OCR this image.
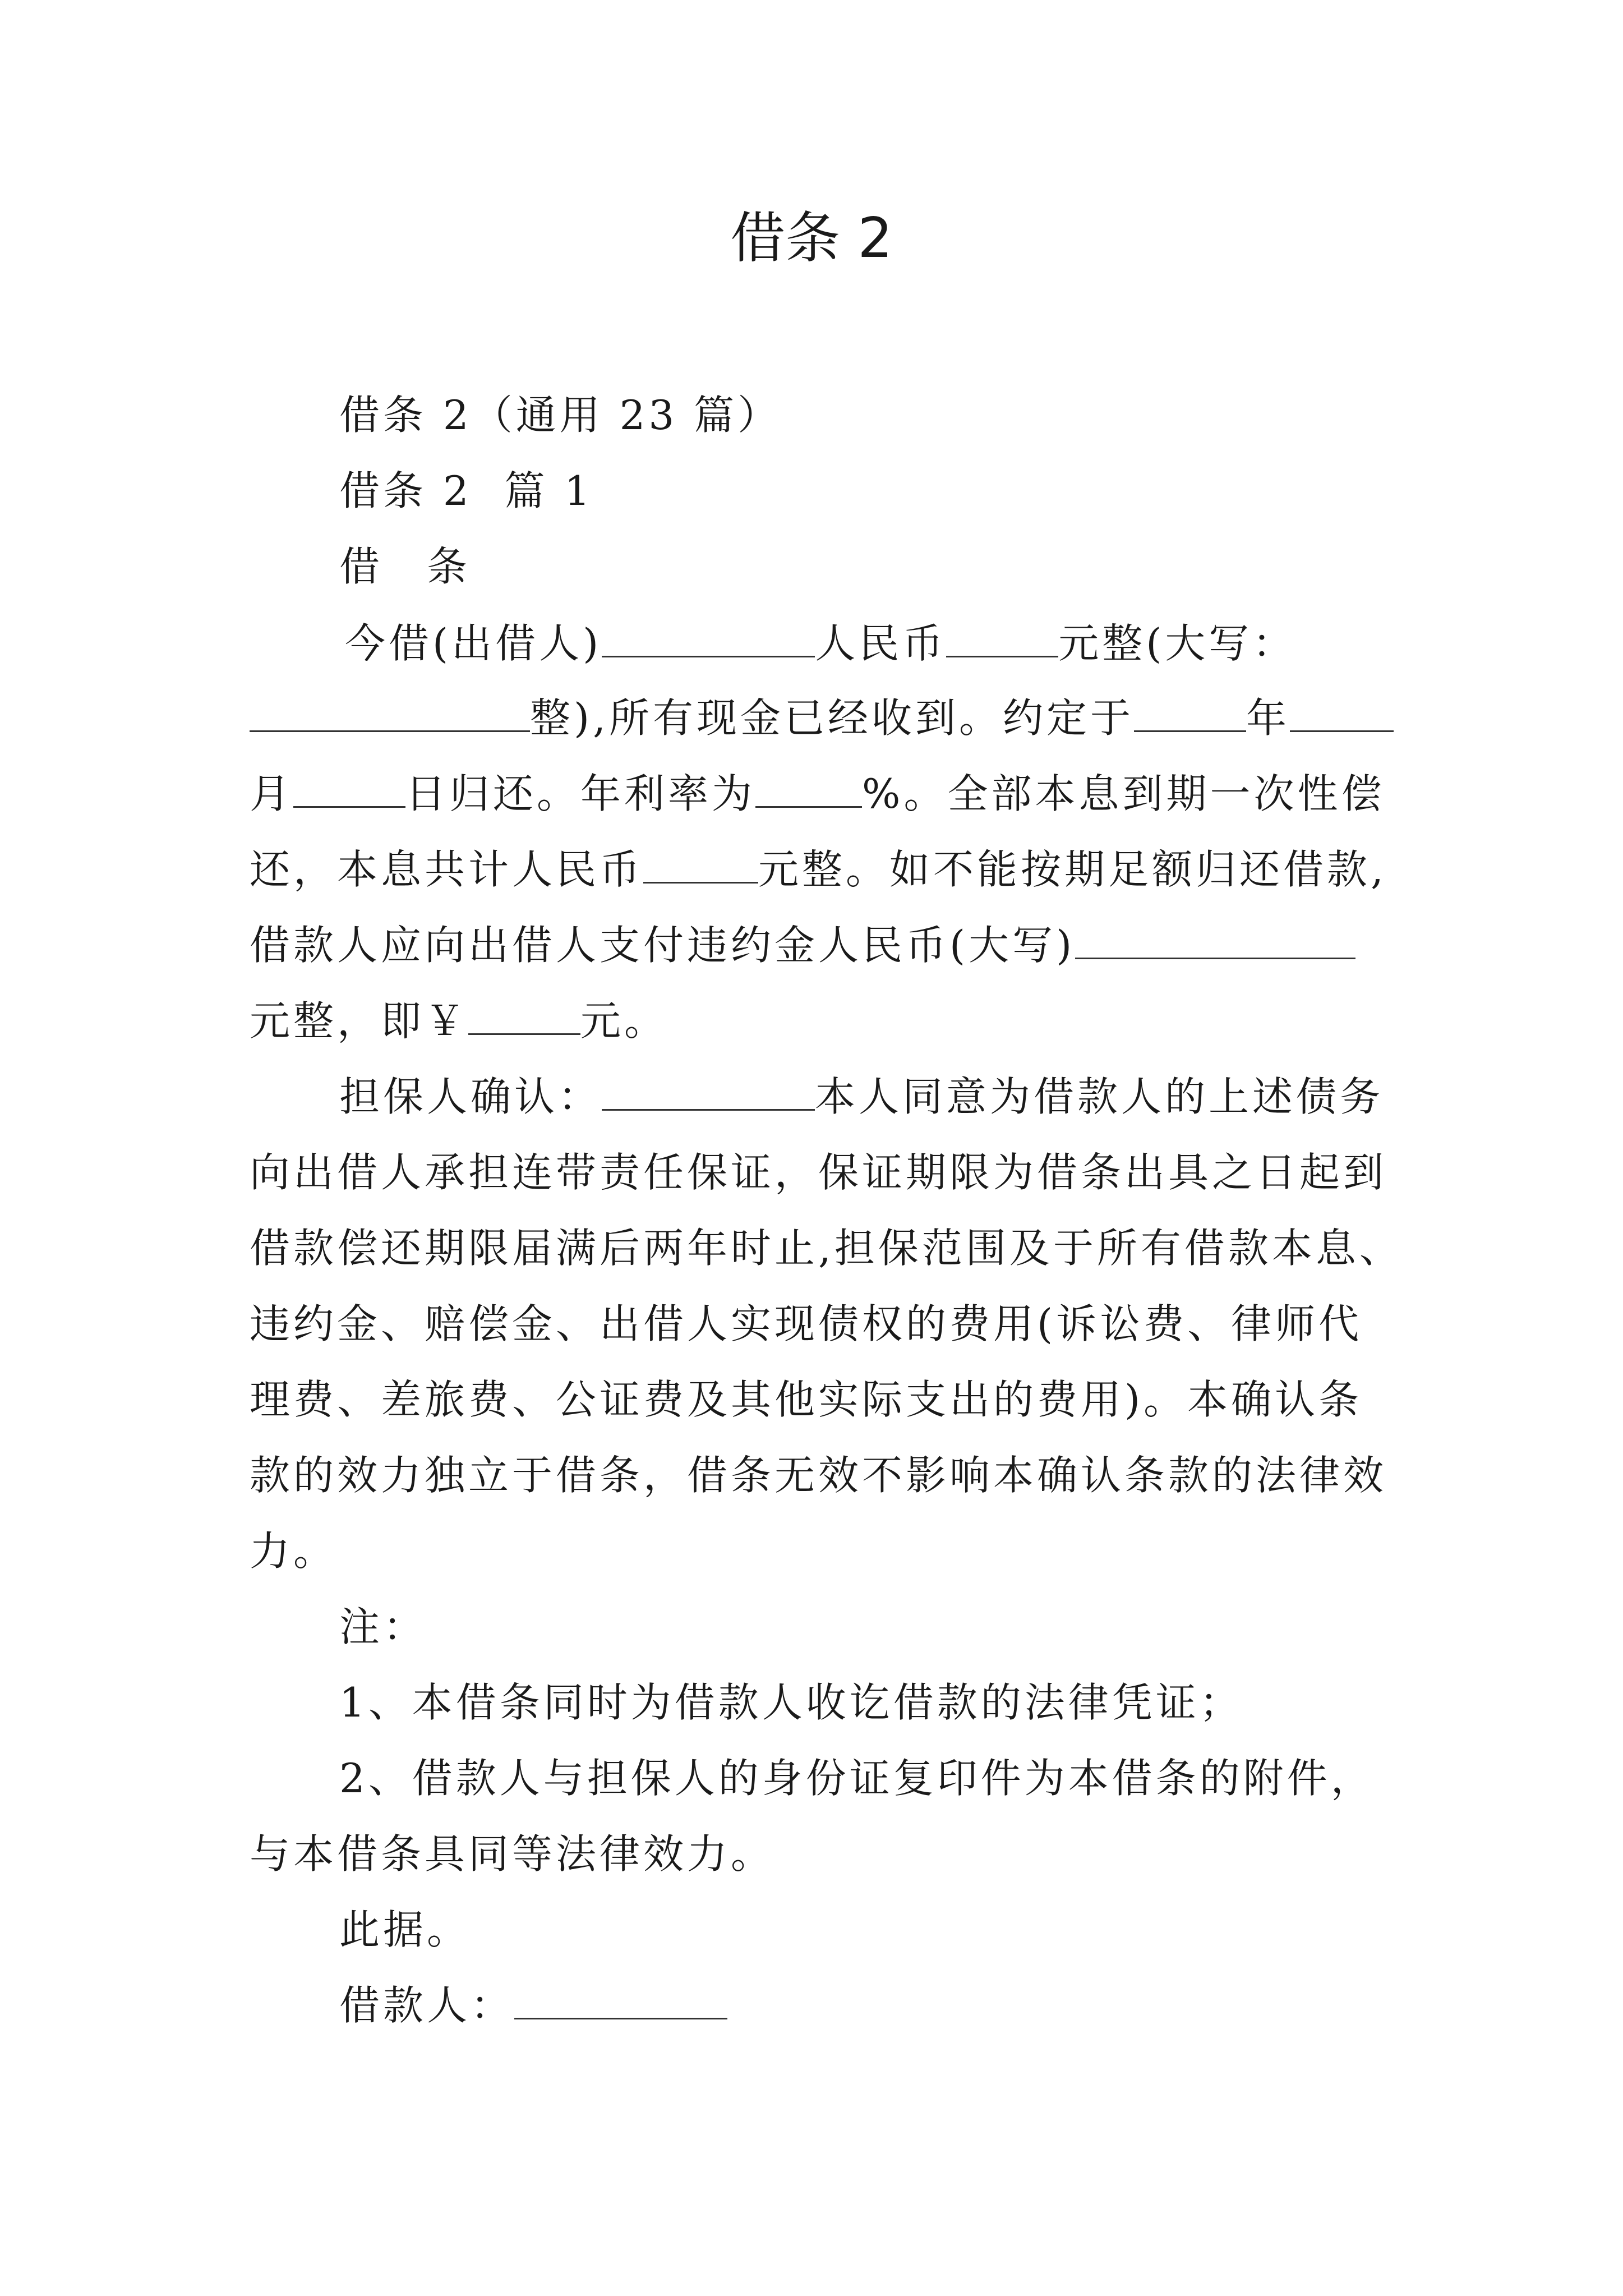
借条 2
借条 2（通用 23 篇）
借条 2  篇 1
借　条
今借(出借人)	人民币	元整(大写：
整),所有现金已经收到。约定于	年
月	日归还。年利率为	%。全部本息到期一次性偿
还，本息共计人民币	元整。如不能按期足额归还借款,
借款人应向出借人支付违约金人民币(大写)
元整，即￥	元。
担保人确认：	本人同意为借款人的上述债务
向出借人承担连带责任保证，保证期限为借条出具之日起到
借款偿还期限届满后两年时止,担保范围及于所有借款本息、
违约金、赔偿金、出借人实现债权的费用(诉讼费、律师代
理费、差旅费、公证费及其他实际支出的费用)。本确认条
款的效力独立于借条，借条无效不影响本确认条款的法律效
力。
注：
1、本借条同时为借款人收讫借款的法律凭证；
2、借款人与担保人的身份证复印件为本借条的附件，
与本借条具同等法律效力。
此据。
借款人：
